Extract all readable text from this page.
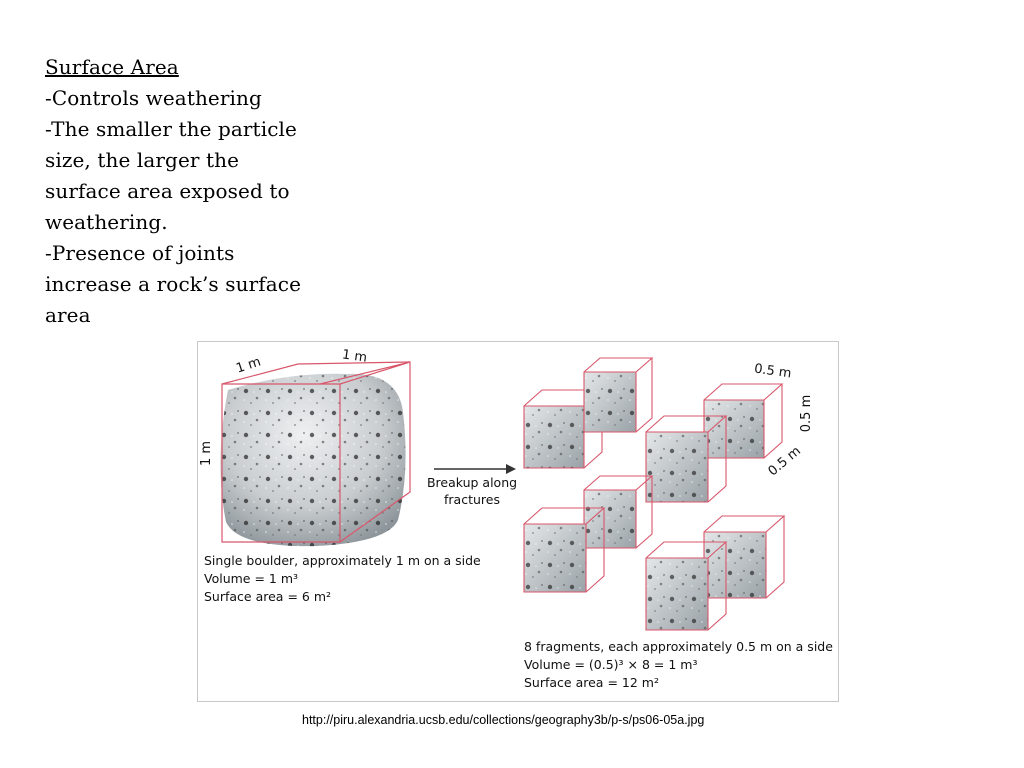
Surface Area
-Controls weathering
-The smaller the particle
size, the larger the
surface area exposed to
weathering.
-Presence of joints
increase a rock’s surface
area
1 m	1 m
1 m
0.5 m
0.5 m
0.5 m
Breakup along
fractures
Single boulder, approximately 1 m on a side
Volume = 1 m³
Surface area = 6 m²
8 fragments, each approximately 0.5 m on a side
Volume = (0.5)³ × 8 = 1 m³
Surface area = 12 m²
http://piru.alexandria.ucsb.edu/collections/geography3b/p-s/ps06-05a.jpg
